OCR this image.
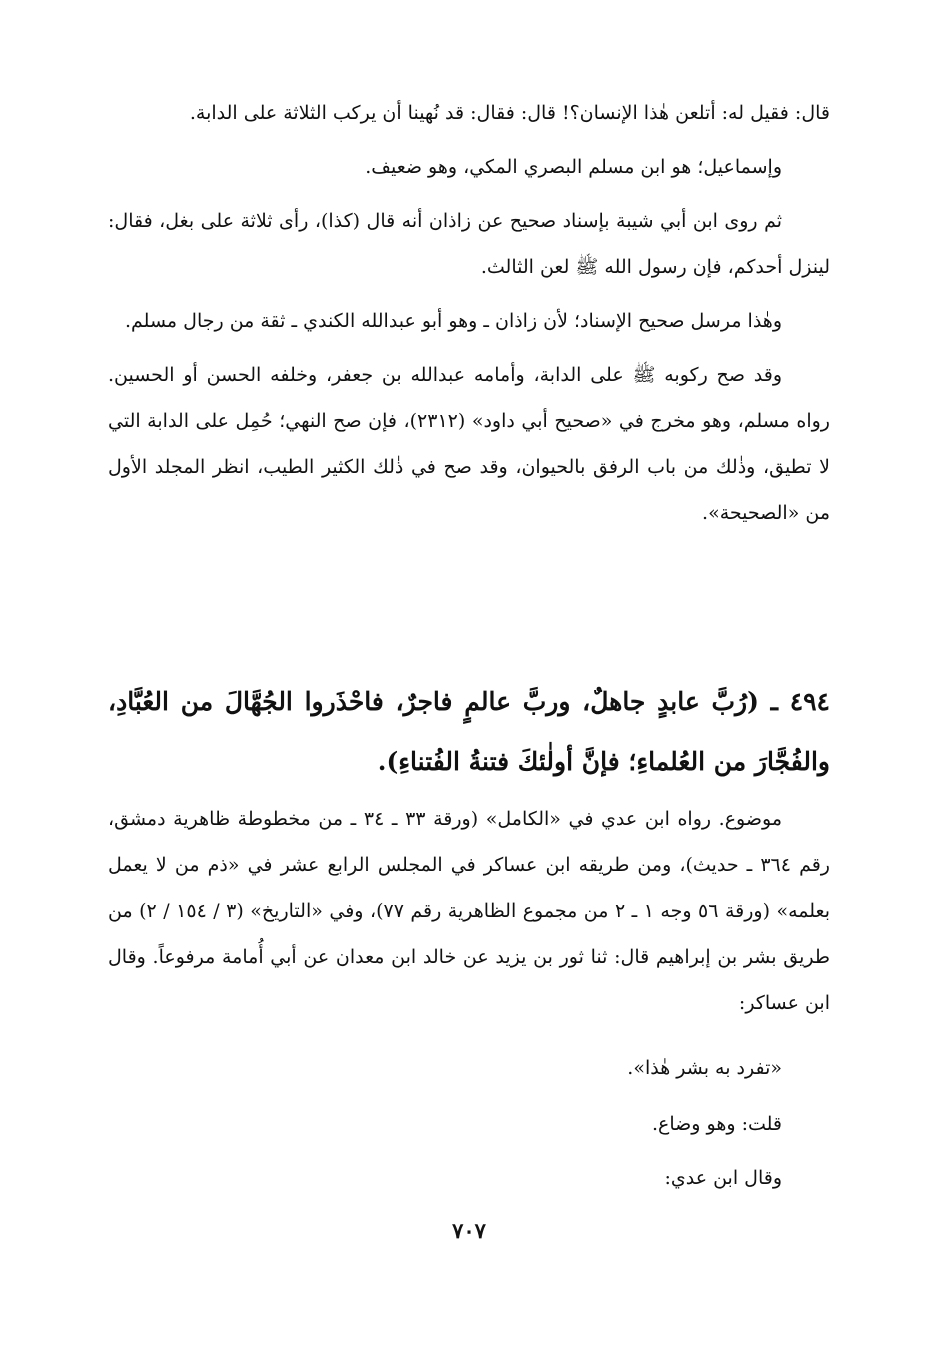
قال: فقيل له: أتلعن هٰذا الإنسان؟! قال: فقال: قد نُهينا أن يركب الثلاثة على الدابة.

وإسماعيل؛ هو ابن مسلم البصري المكي، وهو ضعيف.

ثم روى ابن أبي شيبة بإسناد صحيح عن زاذان أنه قال (كذا)، رأى ثلاثة على بغل، فقال: لينزل أحدكم، فإن رسول الله ﷺ لعن الثالث.

وهٰذا مرسل صحيح الإسناد؛ لأن زاذان ـ وهو أبو عبدالله الكندي ـ ثقة من رجال مسلم.

وقد صح ركوبه ﷺ على الدابة، وأمامه عبدالله بن جعفر، وخلفه الحسن أو الحسين. رواه مسلم، وهو مخرج في «صحيح أبي داود» (٢٣١٢)، فإن صح النهي؛ حُمِل على الدابة التي لا تطيق، وذٰلك من باب الرفق بالحيوان، وقد صح في ذٰلك الكثير الطيب، انظر المجلد الأول من «الصحيحة».

٤٩٤ ـ (رُبَّ عابدٍ جاهلٌ، وربَّ عالمٍ فاجرٌ، فاحْذَروا الجُهَّالَ من العُبَّادِ، والفُجَّارَ من العُلماءِ؛ فإنَّ أولٰئكَ فتنةُ الفُتناءِ).

موضوع. رواه ابن عدي في «الكامل» (ورقة ٣٣ ـ ٣٤ ـ من مخطوطة ظاهرية دمشق، رقم ٣٦٤ ـ حديث)، ومن طريقه ابن عساكر في المجلس الرابع عشر في «ذم من لا يعمل بعلمه» (ورقة ٥٦ وجه ١ ـ ٢ من مجموع الظاهرية رقم ٧٧)، وفي «التاريخ» (٣ / ١٥٤ / ٢) من طريق بشر بن إبراهيم قال: ثنا ثور بن يزيد عن خالد ابن معدان عن أبي أُمامة مرفوعاً. وقال ابن عساكر:

«تفرد به بشر هٰذا».
قلت: وهو وضاع.
وقال ابن عدي:
٧٠٧
